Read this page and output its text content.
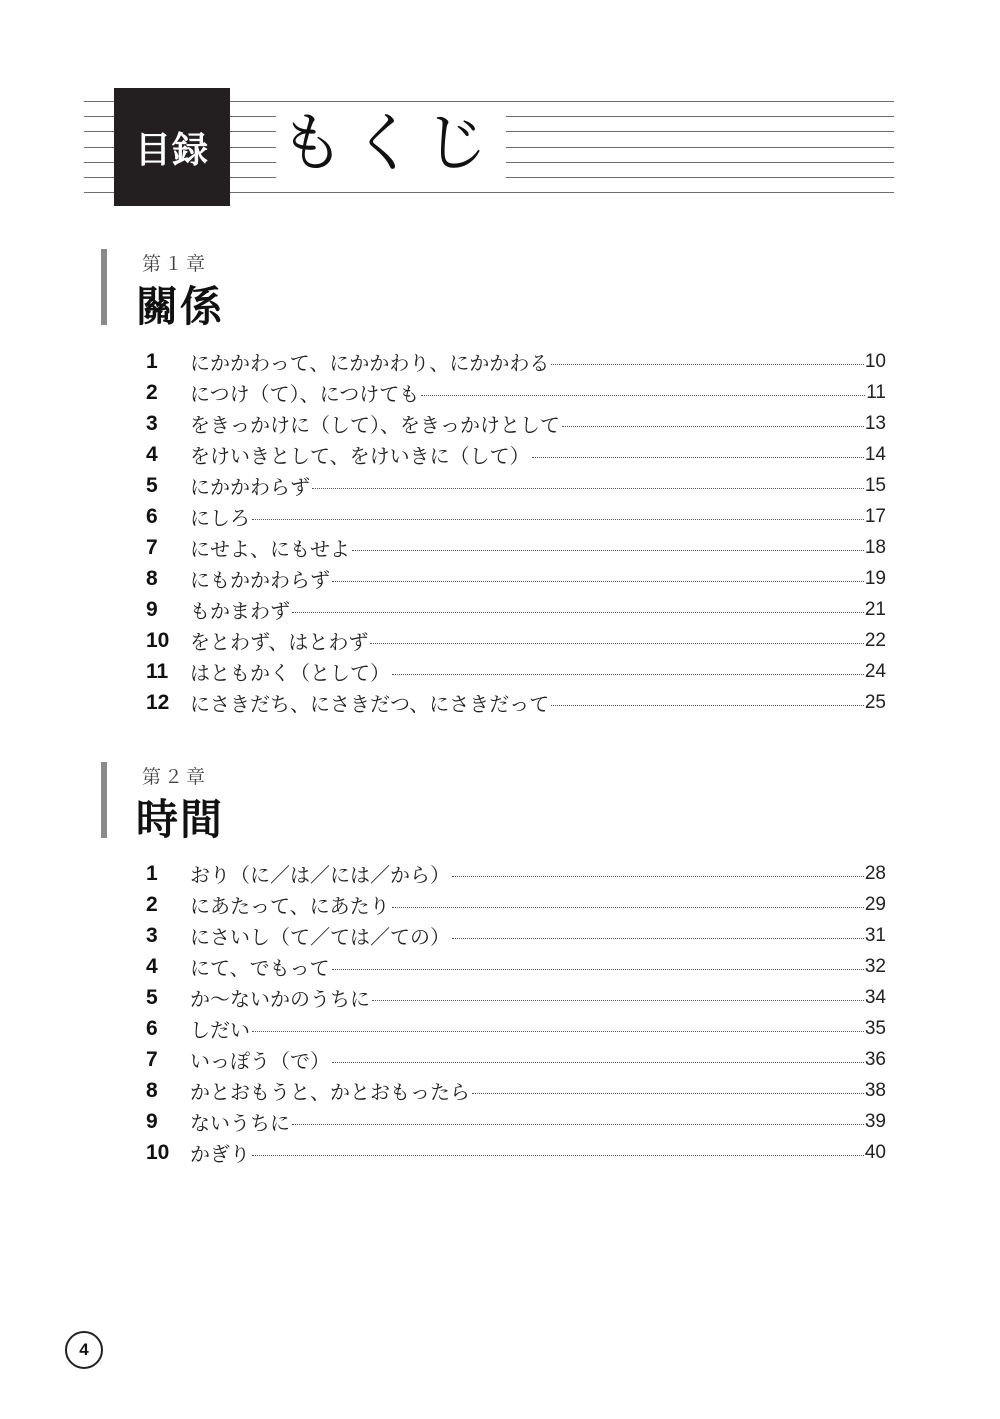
目録	もくじ
第１章
關係
1	にかかわって、にかかわり、にかかわる	10
2	につけ（て）、につけても	11
3	をきっかけに（して）、をきっかけとして	13
4	をけいきとして、をけいきに（して）	14
5	にかかわらず	15
6	にしろ	17
7	にせよ、にもせよ	18
8	にもかかわらず	19
9	もかまわず	21
10	をとわず、はとわず	22
11	はともかく（として）	24
12	にさきだち、にさきだつ、にさきだって	25
第２章
時間
1	おり（に／は／には／から）	28
2	にあたって、にあたり	29
3	にさいし（て／ては／ての）	31
4	にて、でもって	32
5	か～ないかのうちに	34
6	しだい	35
7	いっぽう（で）	36
8	かとおもうと、かとおもったら	38
9	ないうちに	39
10	かぎり	40
4
